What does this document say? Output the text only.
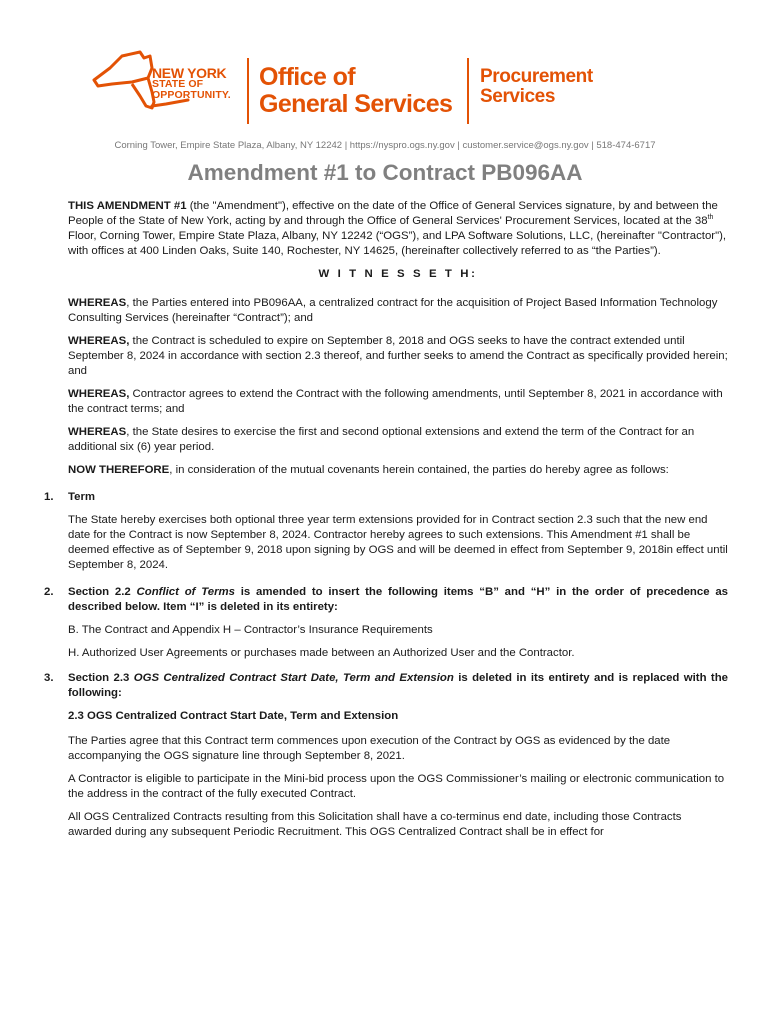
NEW YORK
STATE OF
OPPORTUNITY.
Office of
General Services
Procurement
Services
Corning Tower, Empire State Plaza, Albany, NY 12242 | https://nyspro.ogs.ny.gov | customer.service@ogs.ny.gov | 518-474-6717
Amendment #1 to Contract PB096AA

THIS AMENDMENT #1 (the "Amendment"), effective on the date of the Office of General Services signature, by and between the People of the State of New York, acting by and through the Office of General Services' Procurement Services, located at the 38th Floor, Corning Tower, Empire State Plaza, Albany, NY 12242 (“OGS”), and LPA Software Solutions, LLC, (hereinafter "Contractor"), with offices at 400 Linden Oaks, Suite 140, Rochester, NY 14625, (hereinafter collectively referred to as “the Parties”).

W I T N E S S E T H:

WHEREAS, the Parties entered into PB096AA, a centralized contract for the acquisition of Project Based Information Technology Consulting Services (hereinafter “Contract”); and

WHEREAS, the Contract is scheduled to expire on September 8, 2018 and OGS seeks to have the contract extended until September 8, 2024 in accordance with section 2.3 thereof, and further seeks to amend the Contract as specifically provided herein; and

WHEREAS, Contractor agrees to extend the Contract with the following amendments, until September 8, 2021 in accordance with the contract terms; and

WHEREAS, the State desires to exercise the first and second optional extensions and extend the term of the Contract for an additional six (6) year period.

NOW THEREFORE, in consideration of the mutual covenants herein contained, the parties do hereby agree as follows:

1. Term

The State hereby exercises both optional three year term extensions provided for in Contract section 2.3 such that the new end date for the Contract is now September 8, 2024. Contractor hereby agrees to such extensions. This Amendment #1 shall be deemed effective as of September 9, 2018 upon signing by OGS and will be deemed in effect from September 9, 2018in effect until September 8, 2024.

2. Section 2.2 Conflict of Terms is amended to insert the following items “B” and “H” in the order of precedence as described below. Item “I” is deleted in its entirety:

B. The Contract and Appendix H – Contractor’s Insurance Requirements

H. Authorized User Agreements or purchases made between an Authorized User and the Contractor.

3. Section 2.3 OGS Centralized Contract Start Date, Term and Extension is deleted in its entirety and is replaced with the following:
2.3 OGS Centralized Contract Start Date, Term and Extension

The Parties agree that this Contract term commences upon execution of the Contract by OGS as evidenced by the date accompanying the OGS signature line through September 8, 2021.

A Contractor is eligible to participate in the Mini-bid process upon the OGS Commissioner’s mailing or electronic communication to the address in the contract of the fully executed Contract.

All OGS Centralized Contracts resulting from this Solicitation shall have a co-terminus end date, including those Contracts awarded during any subsequent Periodic Recruitment. This OGS Centralized Contract shall be in effect for
